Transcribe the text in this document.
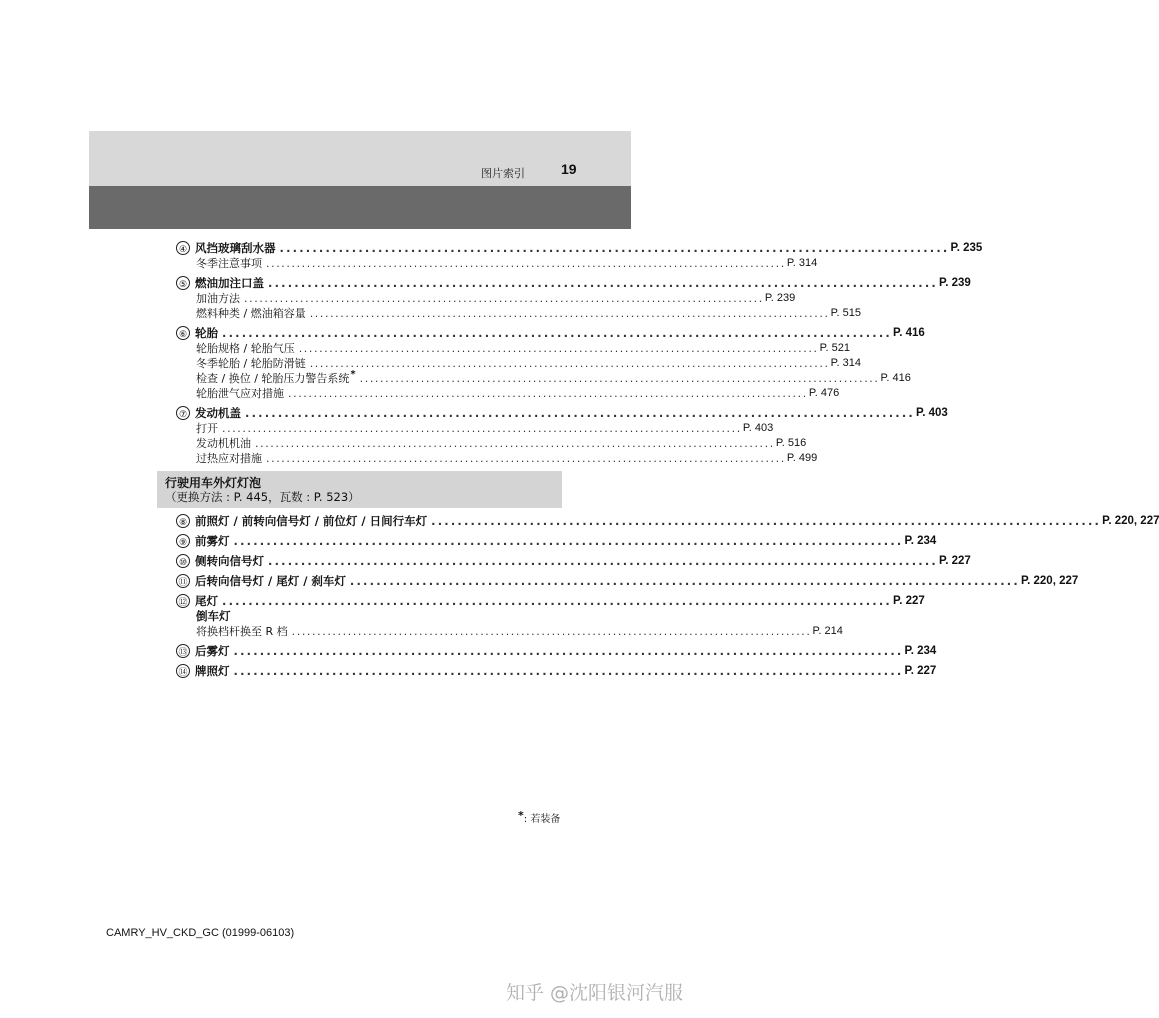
图片索引	19
④ 风挡玻璃刮水器 ...................................................................................................... P. 235
冬季注意事项 ...................................................................................................... P. 314
⑤ 燃油加注口盖 ...................................................................................................... P. 239
加油方法 ...................................................................................................... P. 239
燃料种类 / 燃油箱容量 ...................................................................................................... P. 515
⑥ 轮胎 ...................................................................................................... P. 416
轮胎规格 / 轮胎气压 ...................................................................................................... P. 521
冬季轮胎 / 轮胎防滑链 ...................................................................................................... P. 314
检查 / 换位 / 轮胎压力警告系统 * ...................................................................................................... P. 416
轮胎泄气应对措施 ...................................................................................................... P. 476
⑦ 发动机盖 ...................................................................................................... P. 403
打开 ...................................................................................................... P. 403
发动机机油 ...................................................................................................... P. 516
过热应对措施 ...................................................................................................... P. 499
行驶用车外灯灯泡
（更换方法 : P. 445，瓦数 : P. 523）
⑧ 前照灯 / 前转向信号灯 / 前位灯 / 日间行车灯 ...................................................................................................... P. 220, 227
⑨ 前雾灯 ...................................................................................................... P. 234
⑩ 侧转向信号灯 ...................................................................................................... P. 227
⑪ 后转向信号灯 / 尾灯 / 刹车灯 ...................................................................................................... P. 220, 227
⑫ 尾灯 ...................................................................................................... P. 227
倒车灯
将换档杆换至 R 档 ...................................................................................................... P. 214
⑬ 后雾灯 ...................................................................................................... P. 234
⑭ 牌照灯 ...................................................................................................... P. 227
*: 若装备
CAMRY_HV_CKD_GC (01999-06103)
知乎 @沈阳银河汽服
